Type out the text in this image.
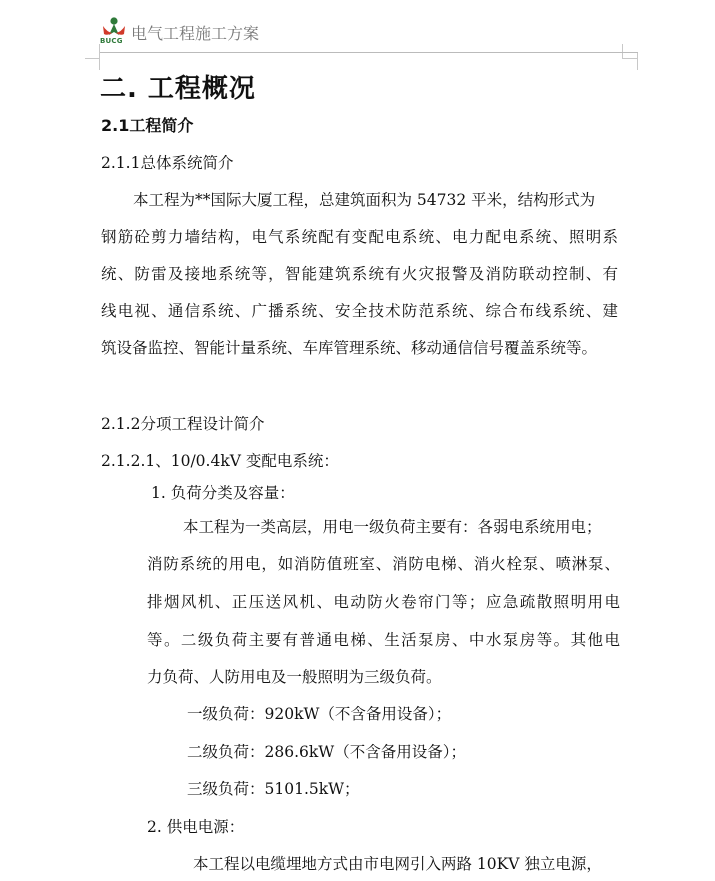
BUCG 电气工程施工方案
二. 工程概况
2.1工程简介
2.1.1总体系统简介
本工程为**国际大厦工程，总建筑面积为 54732 平米，结构形式为
钢筋砼剪力墙结构，电气系统配有变配电系统、电力配电系统、照明系
统、防雷及接地系统等，智能建筑系统有火灾报警及消防联动控制、有
线电视、通信系统、广播系统、安全技术防范系统、综合布线系统、建
筑设备监控、智能计量系统、车库管理系统、移动通信信号覆盖系统等。
2.1.2分项工程设计简介
2.1.2.1、10/0.4kV 变配电系统：
1. 负荷分类及容量：
本工程为一类高层，用电一级负荷主要有：各弱电系统用电；
消防系统的用电，如消防值班室、消防电梯、消火栓泵、喷淋泵、
排烟风机、正压送风机、电动防火卷帘门等；应急疏散照明用电
等。二级负荷主要有普通电梯、生活泵房、中水泵房等。其他电
力负荷、人防用电及一般照明为三级负荷。
一级负荷：920kW（不含备用设备）；
二级负荷：286.6kW（不含备用设备）；
三级负荷：5101.5kW；
2. 供电电源：
本工程以电缆埋地方式由市电网引入两路 10KV 独立电源，
